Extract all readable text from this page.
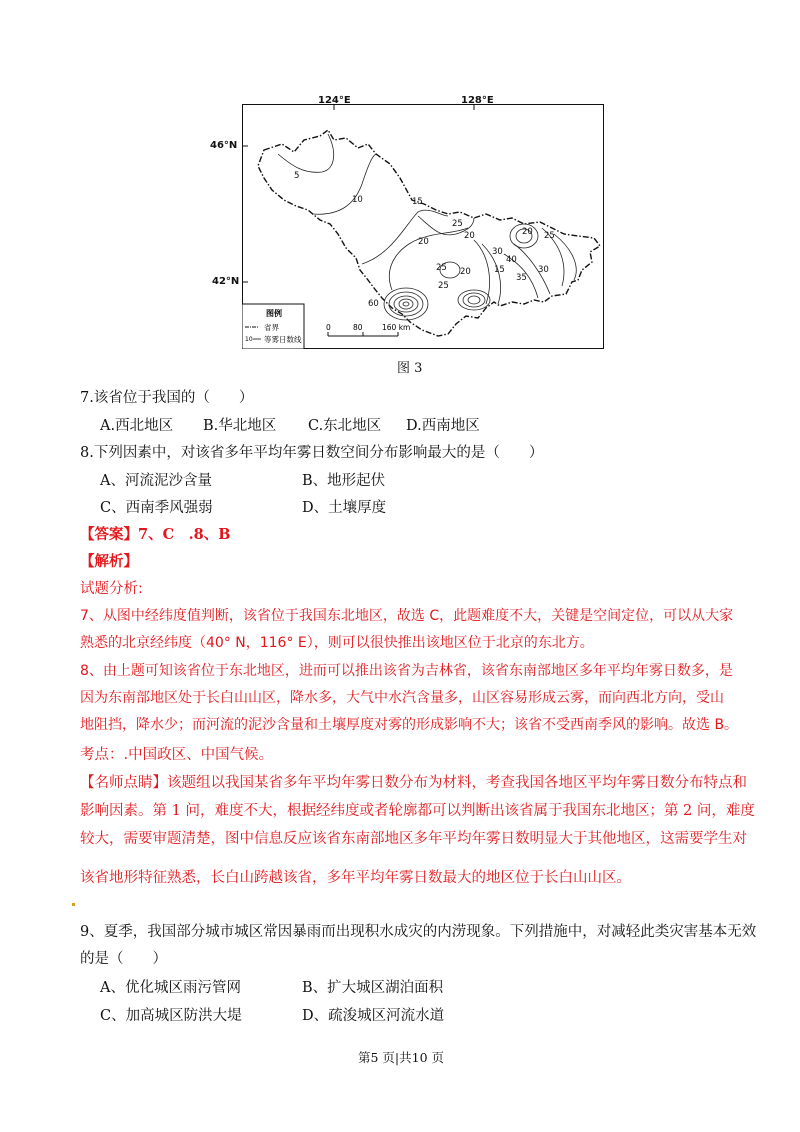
124°E	128°E
46°N
42°N
5
10	15
25
20
20
30
20 25
15
20
40
35
30
60
25
25
图例
省界
10 等雾日数线
0	80	160 km
图 3
7.该省位于我国的（　　）
A.西北地区 B.华北地区 C.东北地区 D.西南地区
8.下列因素中，对该省多年平均年雾日数空间分布影响最大的是（　　）
A、河流泥沙含量	B、地形起伏
C、西南季风强弱	D、土壤厚度
【答案】7、C　.8、B
【解析】
试题分析:
7、从图中经纬度值判断，该省位于我国东北地区，故选 C，此题难度不大，关键是空间定位，可以从大家
熟悉的北京经纬度（40° N，116° E），则可以很快推出该地区位于北京的东北方。
8、由上题可知该省位于东北地区，进而可以推出该省为吉林省，该省东南部地区多年平均年雾日数多，是
因为东南部地区处于长白山山区，降水多，大气中水汽含量多，山区容易形成云雾，而向西北方向，受山
地阻挡，降水少；而河流的泥沙含量和土壤厚度对雾的形成影响不大；该省不受西南季风的影响。故选 B。
考点：.中国政区、中国气候。
【名师点睛】该题组以我国某省多年平均年雾日数分布为材料，考查我国各地区平均年雾日数分布特点和
影响因素。第 1 问，难度不大，根据经纬度或者轮廓都可以判断出该省属于我国东北地区；第 2 问，难度
较大，需要审题清楚，图中信息反应该省东南部地区多年平均年雾日数明显大于其他地区，这需要学生对
该省地形特征熟悉，长白山跨越该省，多年平均年雾日数最大的地区位于长白山山区。
9、夏季，我国部分城市城区常因暴雨而出现积水成灾的内涝现象。下列措施中，对减轻此类灾害基本无效
的是（　　）
A、优化城区雨污管网	B、扩大城区湖泊面积
C、加高城区防洪大堤	D、疏浚城区河流水道
第5 页|共10 页
